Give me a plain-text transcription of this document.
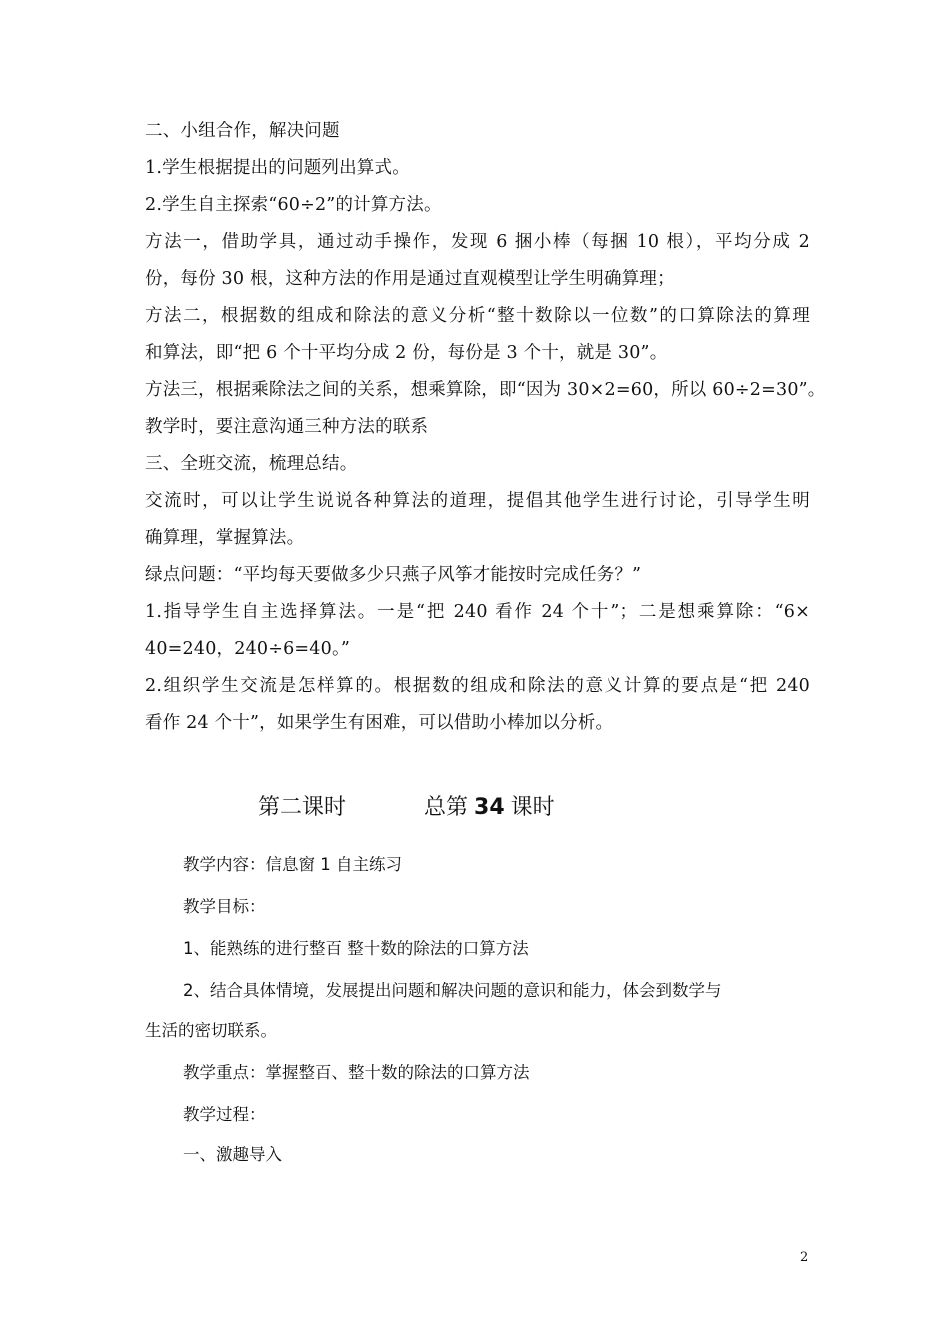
二、小组合作，解决问题
1.学生根据提出的问题列出算式。
2.学生自主探索“60÷2”的计算方法。
方法一，借助学具，通过动手操作，发现 6 捆小棒（每捆 10 根），平均分成 2
份，每份 30 根，这种方法的作用是通过直观模型让学生明确算理；
方法二，根据数的组成和除法的意义分析“整十数除以一位数”的口算除法的算理
和算法，即“把 6 个十平均分成 2 份，每份是 3 个十，就是 30”。
方法三，根据乘除法之间的关系，想乘算除，即“因为 30×2=60，所以 60÷2=30”。
教学时，要注意沟通三种方法的联系
三、全班交流，梳理总结。
交流时，可以让学生说说各种算法的道理，提倡其他学生进行讨论，引导学生明
确算理，掌握算法。
绿点问题：“平均每天要做多少只燕子风筝才能按时完成任务？”
1.指导学生自主选择算法。一是“把 240 看作 24 个十”；二是想乘算除：“6×
40=240，240÷6=40。”
2.组织学生交流是怎样算的。根据数的组成和除法的意义计算的要点是“把 240
看作 24 个十”，如果学生有困难，可以借助小棒加以分析。
第二课时	总第 34 课时
教学内容：信息窗 1 自主练习
教学目标：
1、能熟练的进行整百 整十数的除法的口算方法
2、结合具体情境，发展提出问题和解决问题的意识和能力，体会到数学与
生活的密切联系。
教学重点：掌握整百、整十数的除法的口算方法
教学过程：
一、激趣导入
2
